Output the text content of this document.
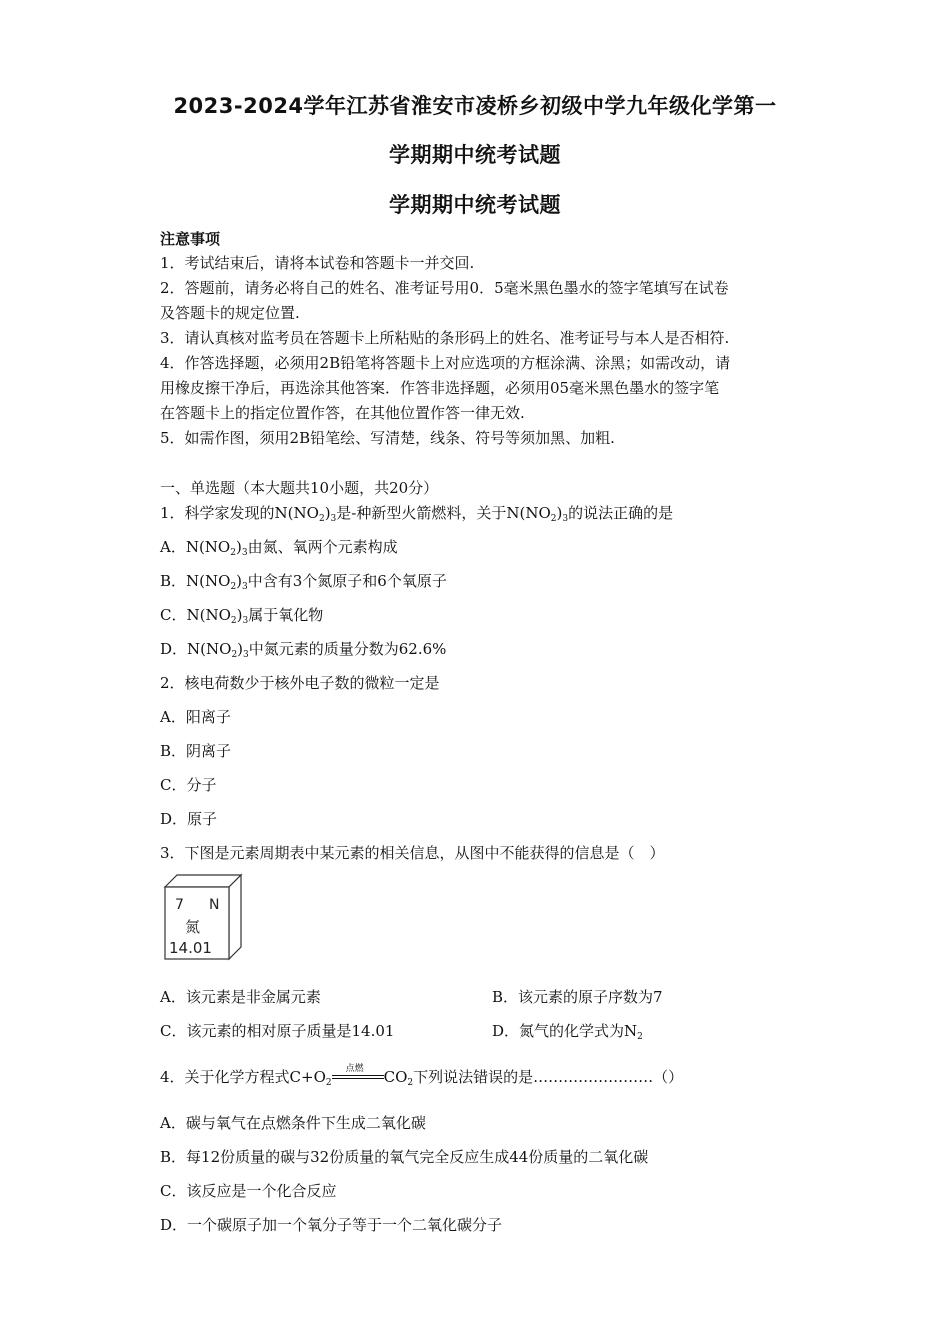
2023-2024学年江苏省淮安市凌桥乡初级中学九年级化学第一
学期期中统考试题
学期期中统考试题
注意事项
1．考试结束后，请将本试卷和答题卡一并交回.
2．答题前，请务必将自己的姓名、准考证号用0．5毫米黑色墨水的签字笔填写在试卷
及答题卡的规定位置.
3．请认真核对监考员在答题卡上所粘贴的条形码上的姓名、准考证号与本人是否相符.
4．作答选择题，必须用2B铅笔将答题卡上对应选项的方框涂满、涂黑；如需改动，请
用橡皮擦干净后，再选涂其他答案．作答非选择题，必须用05毫米黑色墨水的签字笔
在答题卡上的指定位置作答，在其他位置作答一律无效.
5．如需作图，须用2B铅笔绘、写清楚，线条、符号等须加黑、加粗.
一、单选题（本大题共10小题，共20分）
1．科学家发现的$N(NO_2)_3$是-种新型火箭燃料，关于$N(NO_2)_3$的说法正确的是
A．$N(NO_2)_3$由氮、氧两个元素构成
B．$N(NO_2)_3$中含有3个氮原子和6个氧原子
C．$N(NO_2)_3$属于氧化物
D．$N(NO_2)_3$中氮元素的质量分数为62.6%
2．核电荷数少于核外电子数的微粒一定是
A．阳离子
B．阴离子
C．分子
D．原子
3．下图是元素周期表中某元素的相关信息，从图中不能获得的信息是（　）
7 N
氮
14.01
A．该元素是非金属元素	B．该元素的原子序数为7
C．该元素的相对原子质量是14.01	D．氮气的化学式为$N_2$
4．关于化学方程式$C+O_2$
点燃 $CO_2$下列说法错误的是……………………（）
A．碳与氧气在点燃条件下生成二氧化碳
B．每12份质量的碳与32份质量的氧气完全反应生成44份质量的二氧化碳
C．该反应是一个化合反应
D．一个碳原子加一个氧分子等于一个二氧化碳分子
